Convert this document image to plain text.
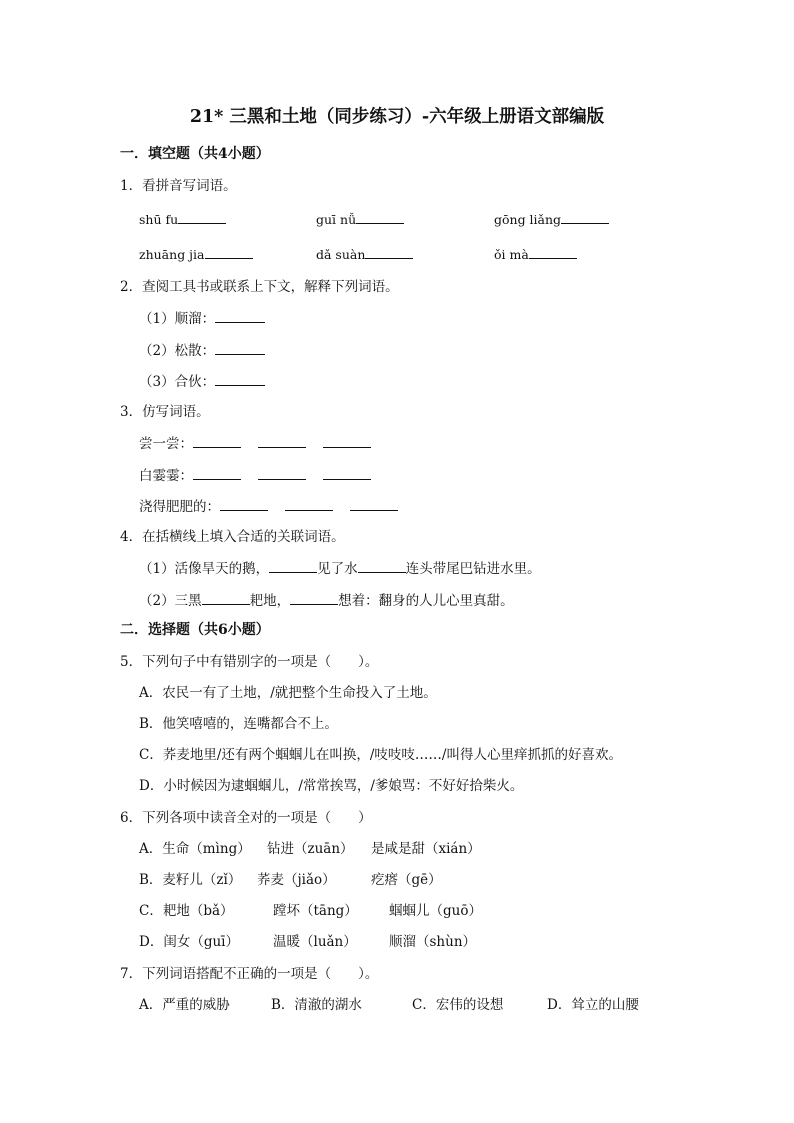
21* 三黑和土地（同步练习）-六年级上册语文部编版
一．填空题（共4小题）
1．看拼音写词语。
shū fu	guī nǚ	gōng liǎng
zhuāng jia	dǎ suàn	ǒi mà
2．查阅工具书或联系上下文，解释下列词语。
（1）顺溜：
（2）松散：
（3）合伙：
3．仿写词语。
尝一尝：
白霎霎：
浇得肥肥的：
4．在括横线上填入合适的关联词语。
（1）活像旱天的鹅，	见了水	连头带尾巴钻进水里。
（2）三黑	耙地，	想着：翻身的人儿心里真甜。
二．选择题（共6小题）
5．下列句子中有错别字的一项是（　　）。
A．农民一有了土地，/就把整个生命投入了土地。
B．他笑嘻嘻的，连嘴都合不上。
C．荞麦地里/还有两个蝈蝈儿在叫换，/吱吱吱……/叫得人心里痒抓抓的好喜欢。
D．小时候因为逮蝈蝈儿，/常常挨骂，/爹娘骂：不好好拾柴火。
6．下列各项中读音全对的一项是（　　）
A．生命（mìng） 钻进（zuān） 是咸是甜（xián）
B．麦籽儿（zǐ） 荞麦（jiǎo）	疙瘩（gē）
C．耙地（bǎ）	蹚坏（tāng） 蝈蝈儿（guō）
D．闺女（guī）	温暖（luǎn） 顺溜（shùn）
7．下列词语搭配不正确的一项是（　　）。
A．严重的威胁	B．清澈的湖水	C．宏伟的设想	D．耸立的山腰
